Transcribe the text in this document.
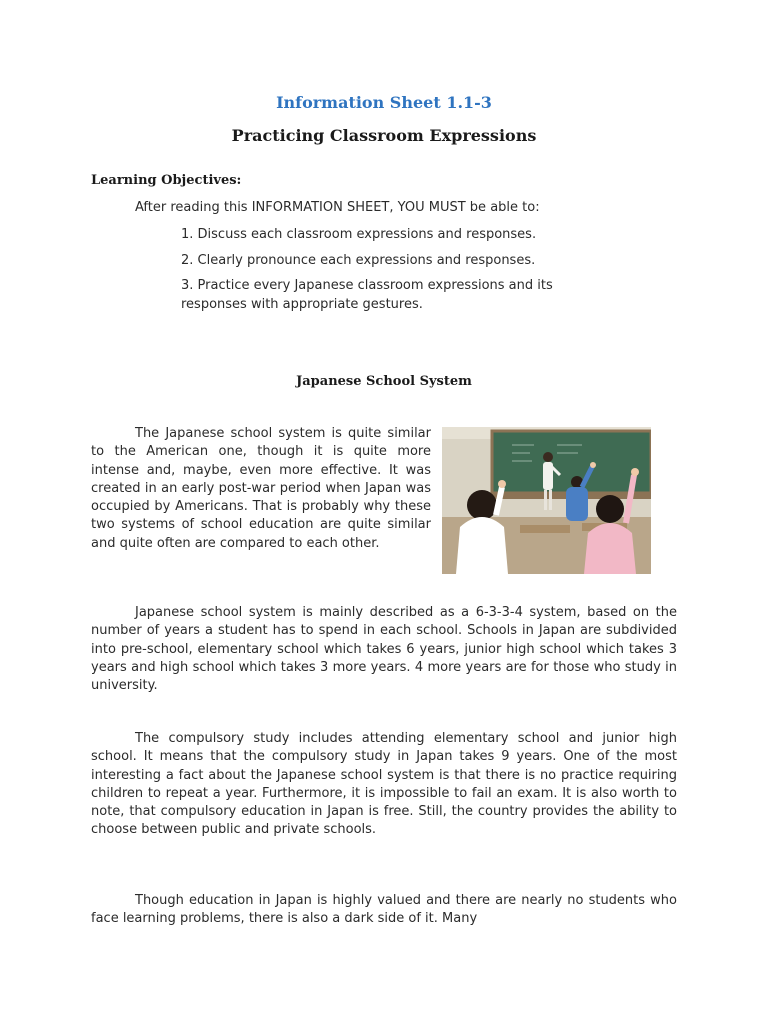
Information Sheet 1.1-3
Practicing Classroom Expressions
Learning Objectives:
After reading this INFORMATION SHEET, YOU MUST be able to:
1. Discuss each classroom expressions and responses.
2. Clearly pronounce each expressions and responses.
3. Practice every Japanese classroom expressions and its responses with appropriate gestures.
Japanese School System

The Japanese school system is quite similar to the American one, though it is quite more intense and, maybe, even more effective. It was created in an early post-war period when Japan was occupied by Americans. That is probably why these two systems of school education are quite similar and quite often are compared to each other.

Japanese school system is mainly described as a 6-3-3-4 system, based on the number of years a student has to spend in each school. Schools in Japan are subdivided into pre-school, elementary school which takes 6 years, junior high school which takes 3 years and high school which takes 3 more years. 4 more years are for those who study in university.

The compulsory study includes attending elementary school and junior high school. It means that the compulsory study in Japan takes 9 years. One of the most interesting a fact about the Japanese school system is that there is no practice requiring children to repeat a year. Furthermore, it is impossible to fail an exam. It is also worth to note, that compulsory education in Japan is free. Still, the country provides the ability to choose between public and private schools.

Though education in Japan is highly valued and there are nearly no students who face learning problems, there is also a dark side of it. Many
